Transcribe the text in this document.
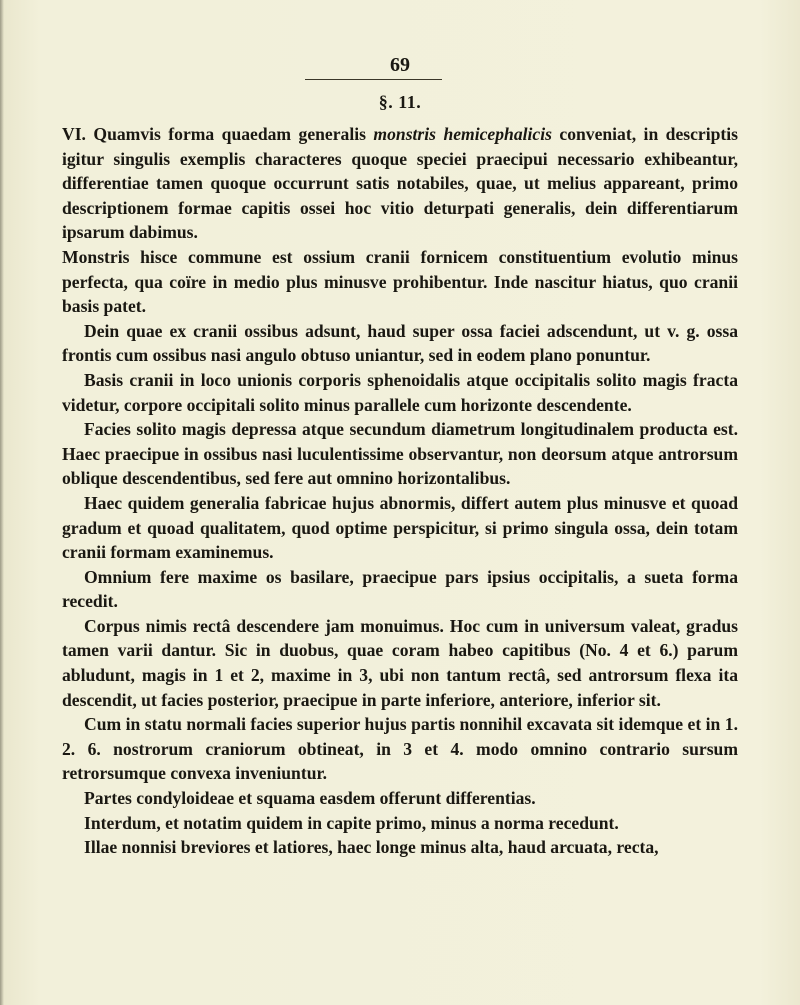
69
§. 11.

VI. Quamvis forma quaedam generalis monstris hemicephalicis conveniat, in descriptis igitur singulis exemplis characteres quoque speciei praecipui necessario exhibeantur, differentiae tamen quoque occurrunt satis notabiles, quae, ut melius appareant, primo descriptionem formae capitis ossei hoc vitio deturpati generalis, dein differentiarum ipsarum dabimus.

Monstris hisce commune est ossium cranii fornicem constituentium evolutio minus perfecta, qua coïre in medio plus minusve prohibentur. Inde nascitur hiatus, quo cranii basis patet.

Dein quae ex cranii ossibus adsunt, haud super ossa faciei adscendunt, ut v. g. ossa frontis cum ossibus nasi angulo obtuso uniantur, sed in eodem plano ponuntur.

Basis cranii in loco unionis corporis sphenoidalis atque occipitalis solito magis fracta videtur, corpore occipitali solito minus parallele cum horizonte descendente.

Facies solito magis depressa atque secundum diametrum longitudinalem producta est. Haec praecipue in ossibus nasi luculentissime observantur, non deorsum atque antrorsum oblique descendentibus, sed fere aut omnino horizontalibus.

Haec quidem generalia fabricae hujus abnormis, differt autem plus minusve et quoad gradum et quoad qualitatem, quod optime perspicitur, si primo singula ossa, dein totam cranii formam examinemus.

Omnium fere maxime os basilare, praecipue pars ipsius occipitalis, a sueta forma recedit.

Corpus nimis rectâ descendere jam monuimus. Hoc cum in universum valeat, gradus tamen varii dantur. Sic in duobus, quae coram habeo capitibus (No. 4 et 6.) parum abludunt, magis in 1 et 2, maxime in 3, ubi non tantum rectâ, sed antrorsum flexa ita descendit, ut facies posterior, praecipue in parte inferiore, anteriore, inferior sit.

Cum in statu normali facies superior hujus partis nonnihil excavata sit idemque et in 1. 2. 6. nostrorum craniorum obtineat, in 3 et 4. modo omnino contrario sursum retrorsumque convexa inveniuntur.

Partes condyloideae et squama easdem offerunt differentias.

Interdum, et notatim quidem in capite primo, minus a norma recedunt.

Illae nonnisi breviores et latiores, haec longe minus alta, haud arcuata, recta,
